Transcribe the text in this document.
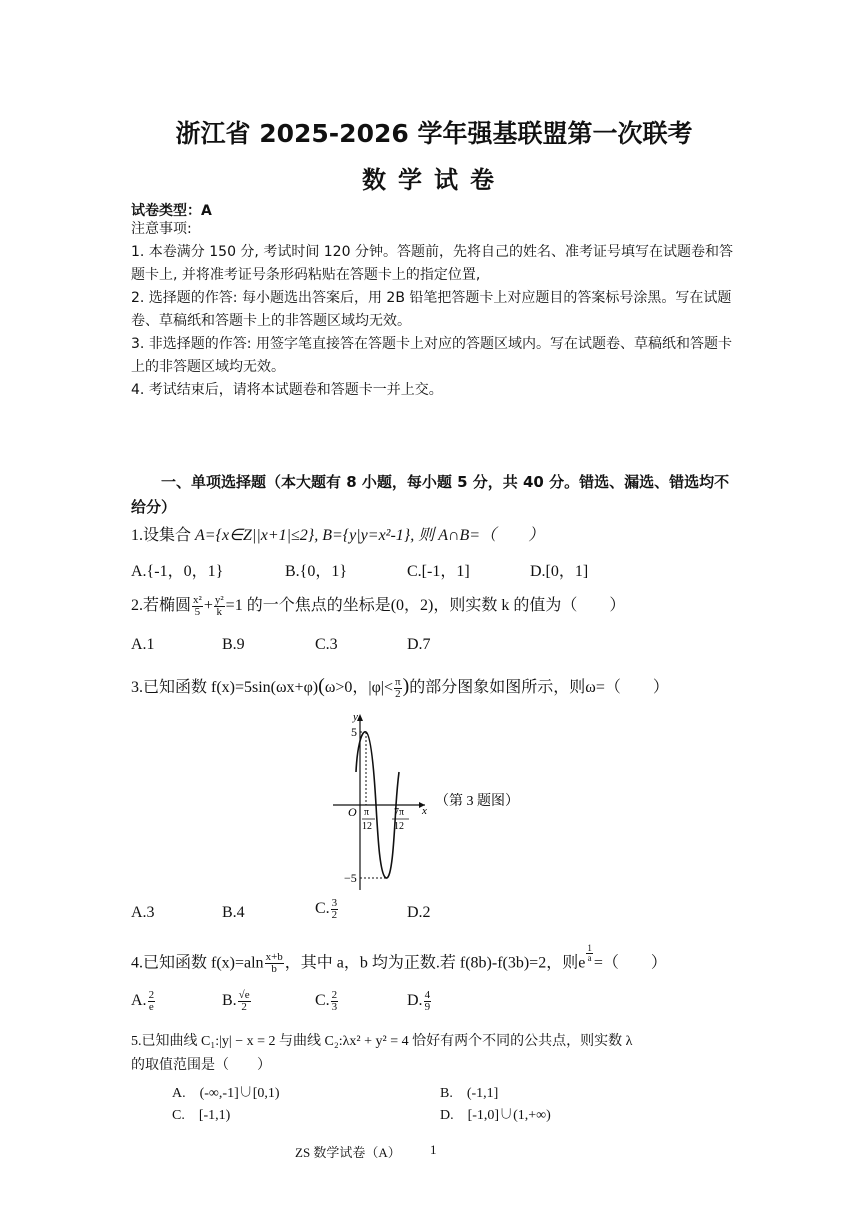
浙江省 2025-2026 学年强基联盟第一次联考
数学试卷
试卷类型：A
注意事项:
1. 本卷满分 150 分, 考试时间 120 分钟。答题前，先将自己的姓名、准考证号填写在试题卷和答题卡上, 并将准考证号条形码粘贴在答题卡上的指定位置,
2. 选择题的作答: 每小题选出答案后，用 2B 铅笔把答题卡上对应题目的答案标号涂黑。写在试题卷、草稿纸和答题卡上的非答题区域均无效。
3. 非选择题的作答: 用签字笔直接答在答题卡上对应的答题区域内。写在试题卷、草稿纸和答题卡上的非答题区域均无效。
4. 考试结束后，请将本试题卷和答题卡一并上交。
一、单项选择题（本大题有 8 小题，每小题 5 分，共 40 分。错选、漏选、错选均不给分）
1.设集合 A={x∈Z||x+1|≤2}, B={y|y=x²-1}, 则 A∩B=（　　）
A.{-1，0，1}	B.{0，1}	C.[-1，1]	D.[0，1]
2.若椭圆 $\frac{\text{x²}}{5} + \frac{\text{y²}}{k} =1$ 的一个焦点的坐标是(0，2)，则实数 k 的值为（　　）
A.1	B.9	C.3	D.7
3.已知函数 f(x)=5sin(ωx+φ)(ω>0，$|\varphi|< \frac{\pi}{2}$ )的部分图象如图所示，则ω=（　　）
y
x
O
5
−5
π
12
7π
12
（第 3 题图）
A.3	B.4	C. $\frac{3}{2}$	D.2
4.已知函数 $f(x)=aln \frac{x+b}{b}$ ，其中 a，b 均为正数.若 f(8b)-f(3b)=2，则e $\frac{1}{a}$ =（　　）
A. $\frac{2}{e}$	B. $\frac{√e}{2}$	C. $\frac{2}{3}$	D. $\frac{4}{9}$
5.已知曲线 C₁:|y| − x = 2 与曲线 C₂:λx² + y² = 4 恰好有两个不同的公共点，则实数 λ
的取值范围是（　　）
A.　(-∞,-1]∪[0,1)	B.　(-1,1]
C.　[-1,1)	D.　[-1,0]∪(1,+∞)
ZS 数学试卷（A） 1
